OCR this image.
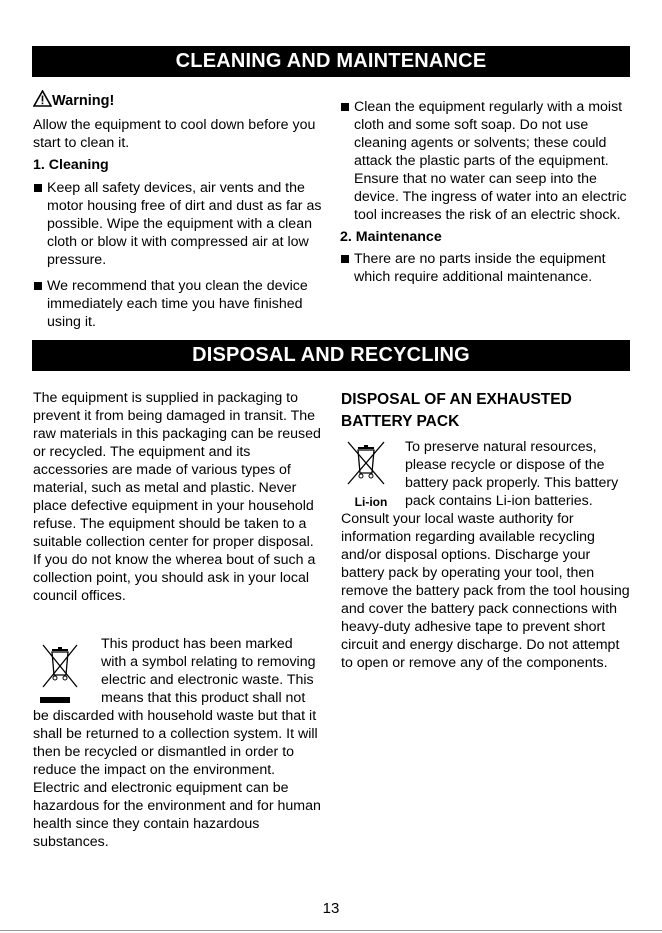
CLEANING AND MAINTENANCE

Warning!

Allow the equipment to cool down before you start to clean it.

1. Cleaning

Keep all safety devices, air vents and the motor housing free of dirt and dust as far as possible. Wipe the equipment with a clean cloth or blow it with compressed air at low pressure.
We recommend that you clean the device immediately each time you have finished using it.
Clean the equipment regularly with a moist cloth and some soft soap. Do not use cleaning agents or solvents; these could attack the plastic parts of the equipment. Ensure that no water can seep into the device. The ingress of water into an electric tool increases the risk of an electric shock.

2. Maintenance

There are no parts inside the equipment which require additional maintenance.
DISPOSAL AND RECYCLING

The equipment is supplied in packaging to prevent it from being damaged in transit. The raw materials in this packaging can be reused or recycled. The equipment and its accessories are made of various types of material, such as metal and plastic. Never place defective equipment in your household refuse. The equipment should be taken to a suitable collection center for proper disposal. If you do not know the wherea bout of such a collection point, you should ask in your local council offices.

This product has been marked with a symbol relating to removing electric and electronic waste. This means that this product shall not be discarded with household waste but that it shall be returned to a collection system. It will then be recycled or dismantled in order to reduce the impact on the environment. Electric and electronic equipment can be hazardous for the environment and for human health since they contain hazardous substances.

DISPOSAL OF AN EXHAUSTED

BATTERY PACK

Li-ion

To preserve natural resources, please recycle or dispose of the battery pack properly. This battery pack contains Li-ion batteries. Consult your local waste authority for information regarding available recycling and/or disposal options. Discharge your battery pack by operating your tool, then remove the battery pack from the tool housing and cover the battery pack connections with heavy-duty adhesive tape to prevent short circuit and energy discharge. Do not attempt to open or remove any of the components.

13
